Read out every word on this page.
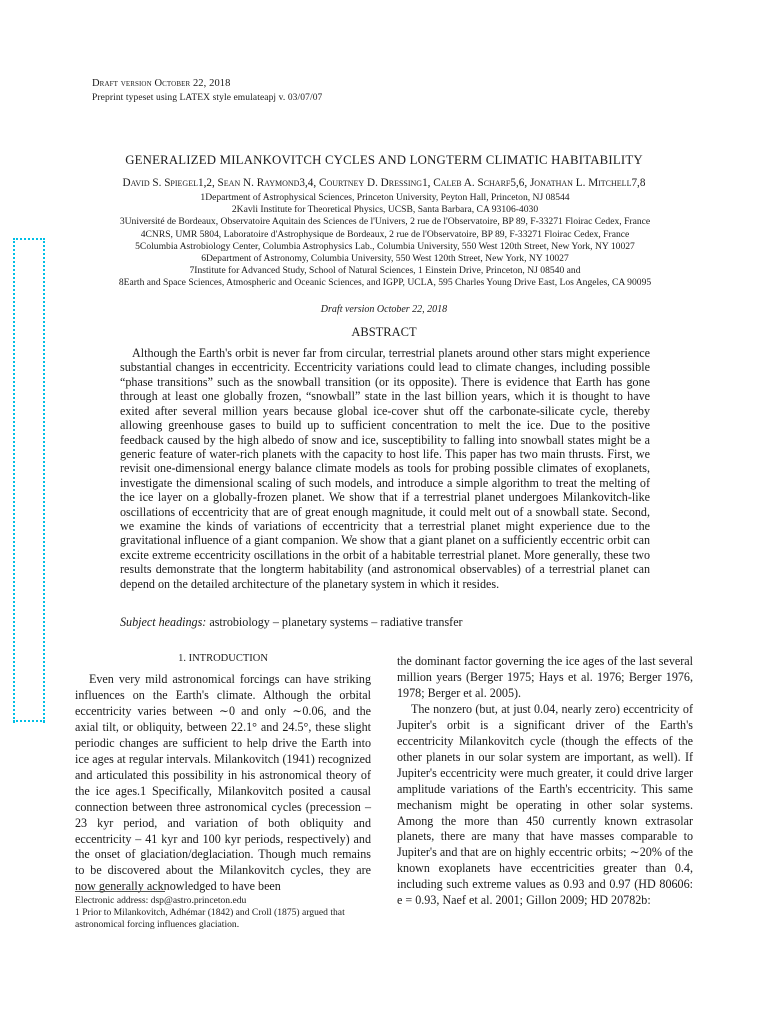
Draft version October 22, 2018
Preprint typeset using LATEX style emulateapj v. 03/07/07
GENERALIZED MILANKOVITCH CYCLES AND LONGTERM CLIMATIC HABITABILITY
David S. Spiegel1,2, Sean N. Raymond3,4, Courtney D. Dressing1, Caleb A. Scharf5,6, Jonathan L. Mitchell7,8
1Department of Astrophysical Sciences, Princeton University, Peyton Hall, Princeton, NJ 08544
2Kavli Institute for Theoretical Physics, UCSB, Santa Barbara, CA 93106-4030
3Université de Bordeaux, Observatoire Aquitain des Sciences de l'Univers, 2 rue de l'Observatoire, BP 89, F-33271 Floirac Cedex, France
4CNRS, UMR 5804, Laboratoire d'Astrophysique de Bordeaux, 2 rue de l'Observatoire, BP 89, F-33271 Floirac Cedex, France
5Columbia Astrobiology Center, Columbia Astrophysics Lab., Columbia University, 550 West 120th Street, New York, NY 10027
6Department of Astronomy, Columbia University, 550 West 120th Street, New York, NY 10027
7Institute for Advanced Study, School of Natural Sciences, 1 Einstein Drive, Princeton, NJ 08540 and
8Earth and Space Sciences, Atmospheric and Oceanic Sciences, and IGPP, UCLA, 595 Charles Young Drive East, Los Angeles, CA 90095
Draft version October 22, 2018
ABSTRACT

Although the Earth's orbit is never far from circular, terrestrial planets around other stars might experience substantial changes in eccentricity. Eccentricity variations could lead to climate changes, including possible “phase transitions” such as the snowball transition (or its opposite). There is evidence that Earth has gone through at least one globally frozen, “snowball” state in the last billion years, which it is thought to have exited after several million years because global ice-cover shut off the carbonate-silicate cycle, thereby allowing greenhouse gases to build up to sufficient concentration to melt the ice. Due to the positive feedback caused by the high albedo of snow and ice, susceptibility to falling into snowball states might be a generic feature of water-rich planets with the capacity to host life. This paper has two main thrusts. First, we revisit one-dimensional energy balance climate models as tools for probing possible climates of exoplanets, investigate the dimensional scaling of such models, and introduce a simple algorithm to treat the melting of the ice layer on a globally-frozen planet. We show that if a terrestrial planet undergoes Milankovitch-like oscillations of eccentricity that are of great enough magnitude, it could melt out of a snowball state. Second, we examine the kinds of variations of eccentricity that a terrestrial planet might experience due to the gravitational influence of a giant companion. We show that a giant planet on a sufficiently eccentric orbit can excite extreme eccentricity oscillations in the orbit of a habitable terrestrial planet. More generally, these two results demonstrate that the longterm habitability (and astronomical observables) of a terrestrial planet can depend on the detailed architecture of the planetary system in which it resides.

Subject headings: astrobiology – planetary systems – radiative transfer
1. INTRODUCTION

Even very mild astronomical forcings can have striking influences on the Earth's climate. Although the orbital eccentricity varies between ∼0 and only ∼0.06, and the axial tilt, or obliquity, between 22.1° and 24.5°, these slight periodic changes are sufficient to help drive the Earth into ice ages at regular intervals. Milankovitch (1941) recognized and articulated this possibility in his astronomical theory of the ice ages.1 Specifically, Milankovitch posited a causal connection between three astronomical cycles (precession – 23 kyr period, and variation of both obliquity and eccentricity – 41 kyr and 100 kyr periods, respectively) and the onset of glaciation/deglaciation. Though much remains to be discovered about the Milankovitch cycles, they are now generally acknowledged to have been

the dominant factor governing the ice ages of the last several million years (Berger 1975; Hays et al. 1976; Berger 1976, 1978; Berger et al. 2005).

The nonzero (but, at just 0.04, nearly zero) eccentricity of Jupiter's orbit is a significant driver of the Earth's eccentricity Milankovitch cycle (though the effects of the other planets in our solar system are important, as well). If Jupiter's eccentricity were much greater, it could drive larger amplitude variations of the Earth's eccentricity. This same mechanism might be operating in other solar systems. Among the more than 450 currently known extrasolar planets, there are many that have masses comparable to Jupiter's and that are on highly eccentric orbits; ∼20% of the known exoplanets have eccentricities greater than 0.4, including such extreme values as 0.93 and 0.97 (HD 80606: e = 0.93, Naef et al. 2001; Gillon 2009; HD 20782b:

Electronic address: dsp@astro.princeton.edu
1 Prior to Milankovitch, Adhémar (1842) and Croll (1875) argued that astronomical forcing influences glaciation.
